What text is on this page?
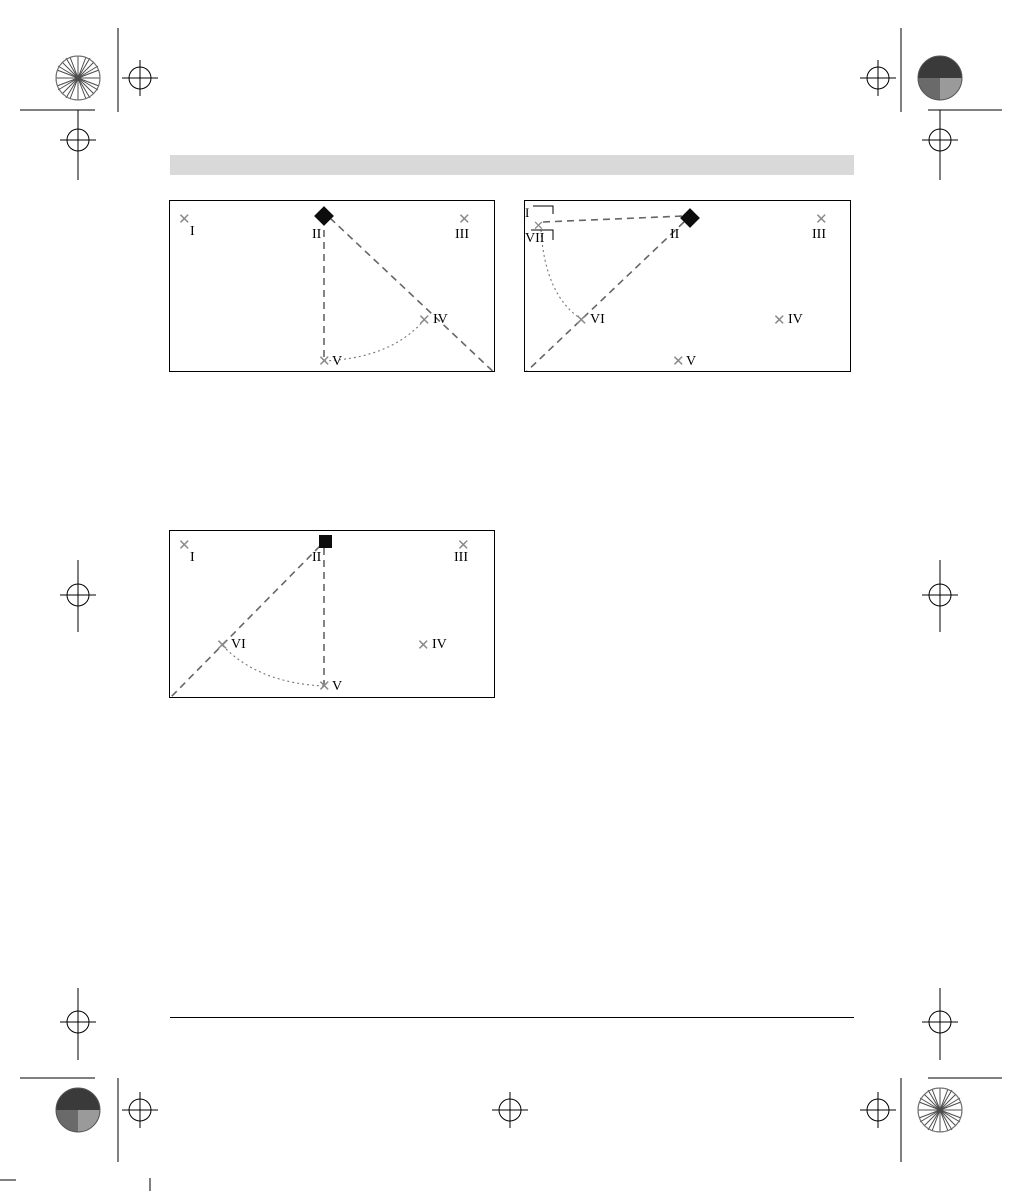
✕
I	II
✕
III
✕ IV
✕ V
I
✕
VII	II
✕
III
✕ VI	✕ IV
✕ V
✕
I	II
✕
III
✕ VI	✕ IV
✕ V
